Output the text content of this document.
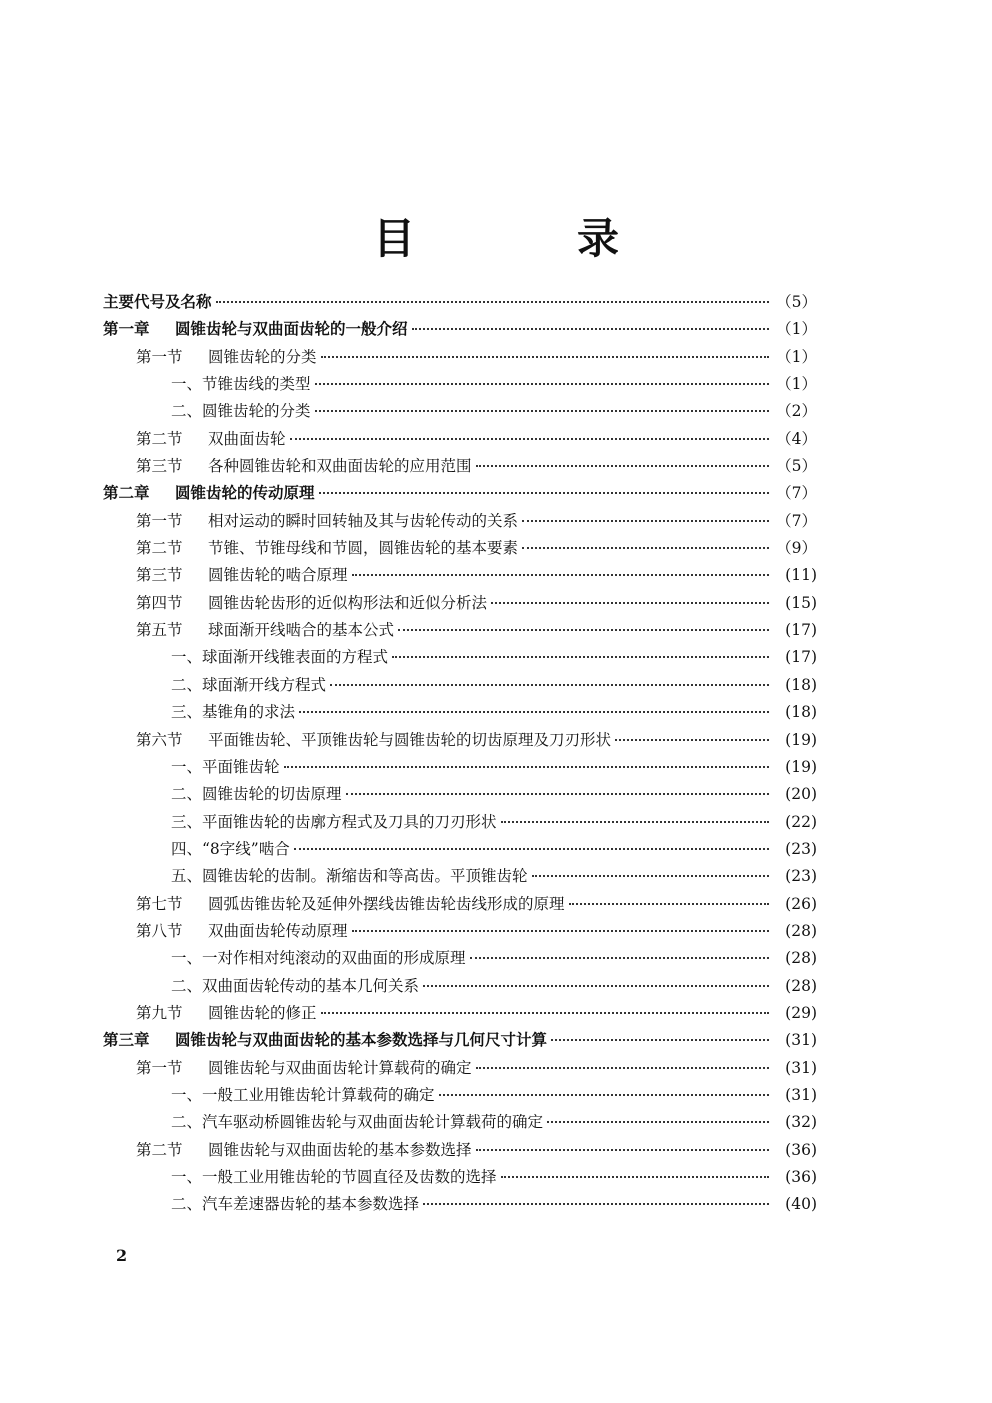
目　录
主要代号及名称	（5）
第一章 圆锥齿轮与双曲面齿轮的一般介绍	（1）
第一节 圆锥齿轮的分类	（1）
一、节锥齿线的类型	（1）
二、圆锥齿轮的分类	（2）
第二节 双曲面齿轮	（4）
第三节 各种圆锥齿轮和双曲面齿轮的应用范围	（5）
第二章 圆锥齿轮的传动原理	（7）
第一节 相对运动的瞬时回转轴及其与齿轮传动的关系	（7）
第二节 节锥、节锥母线和节圆，圆锥齿轮的基本要素	（9）
第三节 圆锥齿轮的啮合原理	(11)
第四节 圆锥齿轮齿形的近似构形法和近似分析法	(15)
第五节 球面渐开线啮合的基本公式	(17)
一、球面渐开线锥表面的方程式	(17)
二、球面渐开线方程式	(18)
三、基锥角的求法	(18)
第六节 平面锥齿轮、平顶锥齿轮与圆锥齿轮的切齿原理及刀刃形状	(19)
一、平面锥齿轮	(19)
二、圆锥齿轮的切齿原理	(20)
三、平面锥齿轮的齿廓方程式及刀具的刀刃形状	(22)
四、“8字线”啮合	(23)
五、圆锥齿轮的齿制。渐缩齿和等高齿。平顶锥齿轮	(23)
第七节 圆弧齿锥齿轮及延伸外摆线齿锥齿轮齿线形成的原理	(26)
第八节 双曲面齿轮传动原理	(28)
一、一对作相对纯滚动的双曲面的形成原理	(28)
二、双曲面齿轮传动的基本几何关系	(28)
第九节 圆锥齿轮的修正	(29)
第三章 圆锥齿轮与双曲面齿轮的基本参数选择与几何尺寸计算	(31)
第一节 圆锥齿轮与双曲面齿轮计算载荷的确定	(31)
一、一般工业用锥齿轮计算载荷的确定	(31)
二、汽车驱动桥圆锥齿轮与双曲面齿轮计算载荷的确定	(32)
第二节 圆锥齿轮与双曲面齿轮的基本参数选择	(36)
一、一般工业用锥齿轮的节圆直径及齿数的选择	(36)
二、汽车差速器齿轮的基本参数选择	(40)
2
